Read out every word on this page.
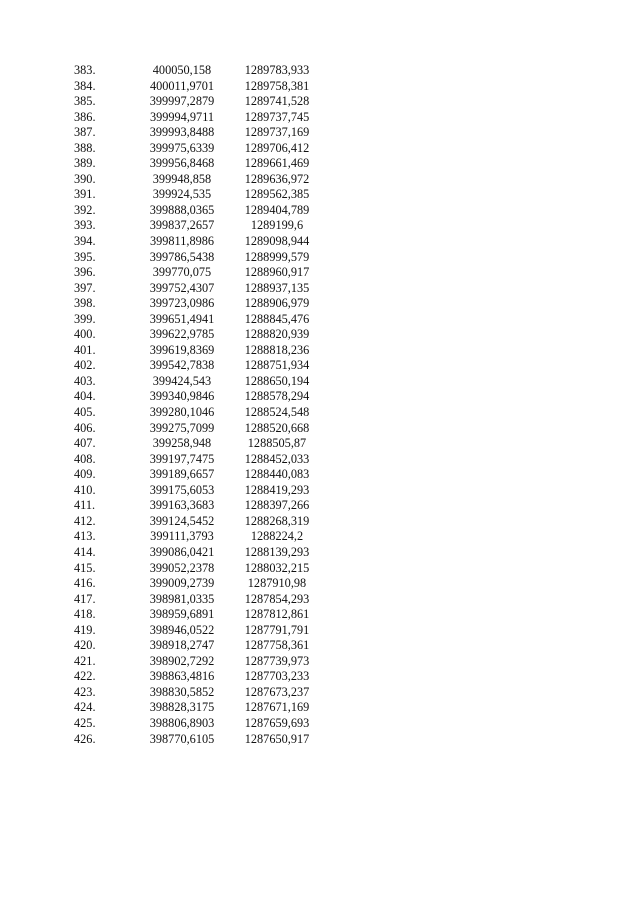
383.	400050,158	1289783,933
384.	400011,9701	1289758,381
385.	399997,2879	1289741,528
386.	399994,9711	1289737,745
387.	399993,8488	1289737,169
388.	399975,6339	1289706,412
389.	399956,8468	1289661,469
390.	399948,858	1289636,972
391.	399924,535	1289562,385
392.	399888,0365	1289404,789
393.	399837,2657	1289199,6
394.	399811,8986	1289098,944
395.	399786,5438	1288999,579
396.	399770,075	1288960,917
397.	399752,4307	1288937,135
398.	399723,0986	1288906,979
399.	399651,4941	1288845,476
400.	399622,9785	1288820,939
401.	399619,8369	1288818,236
402.	399542,7838	1288751,934
403.	399424,543	1288650,194
404.	399340,9846	1288578,294
405.	399280,1046	1288524,548
406.	399275,7099	1288520,668
407.	399258,948	1288505,87
408.	399197,7475	1288452,033
409.	399189,6657	1288440,083
410.	399175,6053	1288419,293
411.	399163,3683	1288397,266
412.	399124,5452	1288268,319
413.	399111,3793	1288224,2
414.	399086,0421	1288139,293
415.	399052,2378	1288032,215
416.	399009,2739	1287910,98
417.	398981,0335	1287854,293
418.	398959,6891	1287812,861
419.	398946,0522	1287791,791
420.	398918,2747	1287758,361
421.	398902,7292	1287739,973
422.	398863,4816	1287703,233
423.	398830,5852	1287673,237
424.	398828,3175	1287671,169
425.	398806,8903	1287659,693
426.	398770,6105	1287650,917
